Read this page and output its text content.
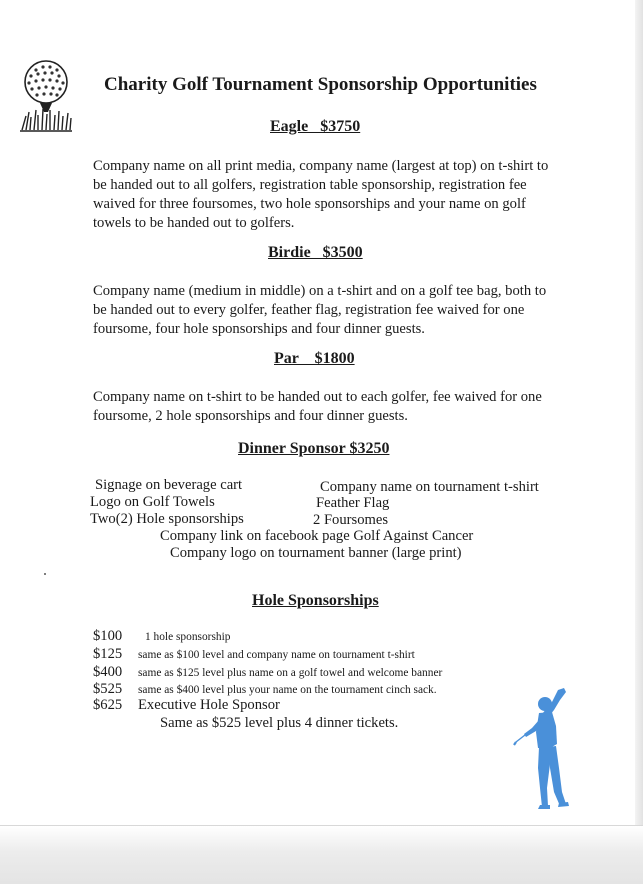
Charity Golf Tournament Sponsorship Opportunities
Eagle   $3750

Company name on all print media, company name (largest at top) on t-shirt to be handed out to all golfers, registration table sponsorship, registration fee waived for three foursomes, two hole sponsorships and your name on golf towels to be handed out to golfers.

Birdie   $3500

Company name (medium in middle) on a t-shirt and on a golf tee bag, both to be handed out to every golfer, feather flag, registration fee waived for one foursome, four hole sponsorships and four dinner guests.

Par    $1800

Company name on t-shirt to be handed out to each golfer, fee waived for one foursome, 2 hole sponsorships and four dinner guests.

Dinner Sponsor $3250

Signage on beverage cart	Company name on tournament t-shirt

Logo on Golf Towels	Feather Flag

Two(2) Hole sponsorships	2 Foursomes

Company link on facebook page Golf Against Cancer

Company logo on tournament banner (large print)

Hole Sponsorships
$100 1 hole sponsorship
$125 same as $100 level and company name on tournament t-shirt
$400 same as $125 level plus name on a golf towel and welcome banner
$525 same as $400 level plus your name on the tournament cinch sack.
$625 Executive Hole Sponsor

Same as $525 level plus 4 dinner tickets.
